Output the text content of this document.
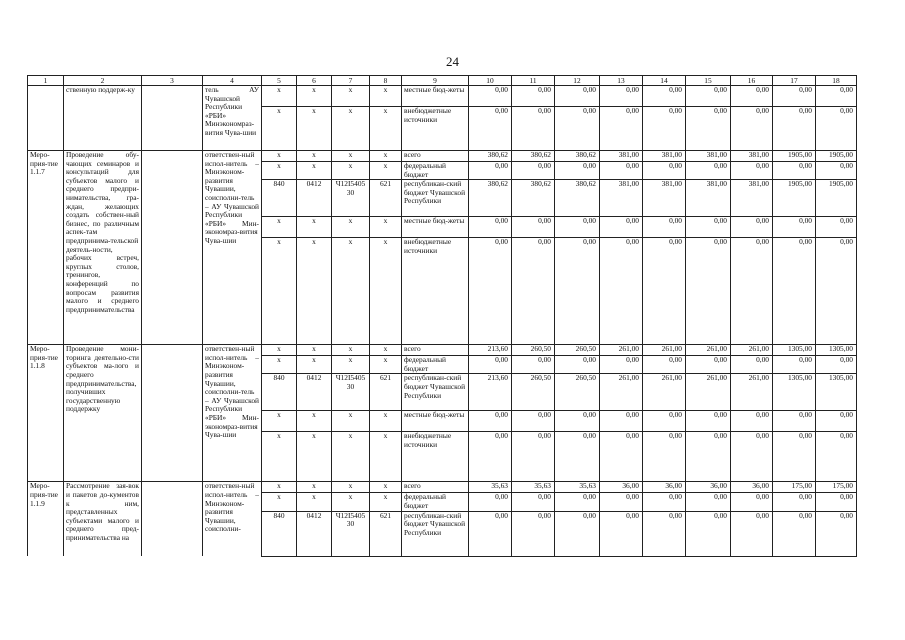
24
1	2	3	4	5	6	7	8	9	10	11	12	13	14	15	16	17	18
	ственную поддерж-ку		тель АУ Чувашской Республики «РБИ» Минэкономраз-вития Чува-шии	x	x	x	x	местные бюд-жеты	0,00	0,00	0,00	0,00	0,00	0,00	0,00	0,00	0,00
				x	x	x	x	внебюджетные источники	0,00	0,00	0,00	0,00	0,00	0,00	0,00	0,00	0,00
Меро-прия-тие 1.1.7	Проведение обу-чающих семинаров и консультаций для субъектов малого и среднего предпри-нимательства, гра-ждан, желающих создать собствен-ный бизнес, по различным аспек-там предпринима-тельской деятель-ности, рабочих встреч, круглых столов, тренингов, конференций по вопросам развития малого и среднего предпринимательства		ответствен-ный испол-нитель – Минэконом-развития Чувашии, соисполни-тель – АУ Чувашской Республики «РБИ» Мин-экономраз-вития Чува-шии	x	x	x	x	всего	380,62	380,62	380,62	381,00	381,00	381,00	381,00	1905,00	1905,00
				x	x	x	x	федеральный бюджет	0,00	0,00	0,00	0,00	0,00	0,00	0,00	0,00	0,00
				840	0412	Ч12I5405 30	621	республикан-ский бюджет Чувашской Республики	380,62	380,62	380,62	381,00	381,00	381,00	381,00	1905,00	1905,00
				x	x	x	x	местные бюд-жеты	0,00	0,00	0,00	0,00	0,00	0,00	0,00	0,00	0,00
				x	x	x	x	внебюджетные источники	0,00	0,00	0,00	0,00	0,00	0,00	0,00	0,00	0,00
Меро-прия-тие 1.1.8	Проведение мони-торинга деятельно-сти субъектов ма-лого и среднего предпринимательства, получивших государственную поддержку		ответствен-ный испол-нитель – Минэконом-развития Чувашии, соисполни-тель – АУ Чувашской Республики «РБИ» Мин-экономраз-вития Чува-шии	x	x	x	x	всего	213,60	260,50	260,50	261,00	261,00	261,00	261,00	1305,00	1305,00
				x	x	x	x	федеральный бюджет	0,00	0,00	0,00	0,00	0,00	0,00	0,00	0,00	0,00
				840	0412	Ч12I5405 30	621	республикан-ский бюджет Чувашской Республики	213,60	260,50	260,50	261,00	261,00	261,00	261,00	1305,00	1305,00
				x	x	x	x	местные бюд-жеты	0,00	0,00	0,00	0,00	0,00	0,00	0,00	0,00	0,00
				x	x	x	x	внебюджетные источники	0,00	0,00	0,00	0,00	0,00	0,00	0,00	0,00	0,00
Меро-прия-тие 1.1.9	Рассмотрение зая-вок и пакетов до-кументов к ним, представленных субъектами малого и среднего пред-принимательства на		ответствен-ный испол-нитель – Минэконом-развития Чувашии, соисполни-	x	x	x	x	всего	35,63	35,63	35,63	36,00	36,00	36,00	36,00	175,00	175,00
				x	x	x	x	федеральный бюджет	0,00	0,00	0,00	0,00	0,00	0,00	0,00	0,00	0,00
				840	0412	Ч12I5405 30	621	республикан-ский бюджет Чувашской Республики	0,00	0,00	0,00	0,00	0,00	0,00	0,00	0,00	0,00
